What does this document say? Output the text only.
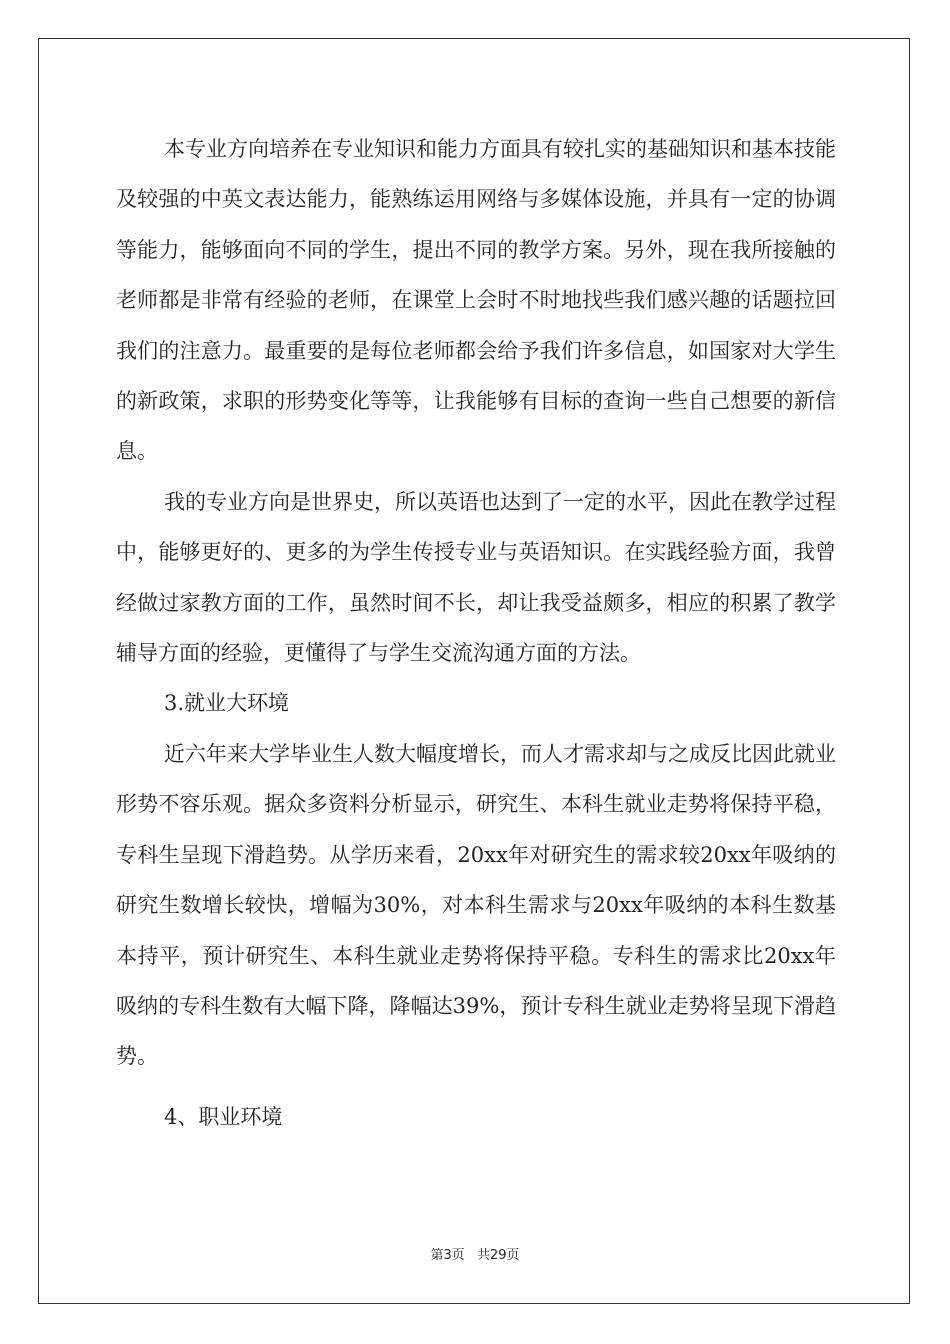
本专业方向培养在专业知识和能力方面具有较扎实的基础知识和基本技能及较强的中英文表达能力，能熟练运用网络与多媒体设施，并具有一定的协调等能力，能够面向不同的学生，提出不同的教学方案。另外，现在我所接触的老师都是非常有经验的老师，在课堂上会时不时地找些我们感兴趣的话题拉回我们的注意力。最重要的是每位老师都会给予我们许多信息，如国家对大学生的新政策，求职的形势变化等等，让我能够有目标的查询一些自己想要的新信息。

我的专业方向是世界史，所以英语也达到了一定的水平，因此在教学过程中，能够更好的、更多的为学生传授专业与英语知识。在实践经验方面，我曾经做过家教方面的工作，虽然时间不长，却让我受益颇多，相应的积累了教学辅导方面的经验，更懂得了与学生交流沟通方面的方法。

3.就业大环境

近六年来大学毕业生人数大幅度增长，而人才需求却与之成反比因此就业形势不容乐观。据众多资料分析显示，研究生、本科生就业走势将保持平稳，专科生呈现下滑趋势。从学历来看，20xx年对研究生的需求较20xx年吸纳的研究生数增长较快，增幅为30%，对本科生需求与20xx年吸纳的本科生数基本持平，预计研究生、本科生就业走势将保持平稳。专科生的需求比20xx年吸纳的专科生数有大幅下降，降幅达39%，预计专科生就业走势将呈现下滑趋势。

4、职业环境

第3页 共29页
